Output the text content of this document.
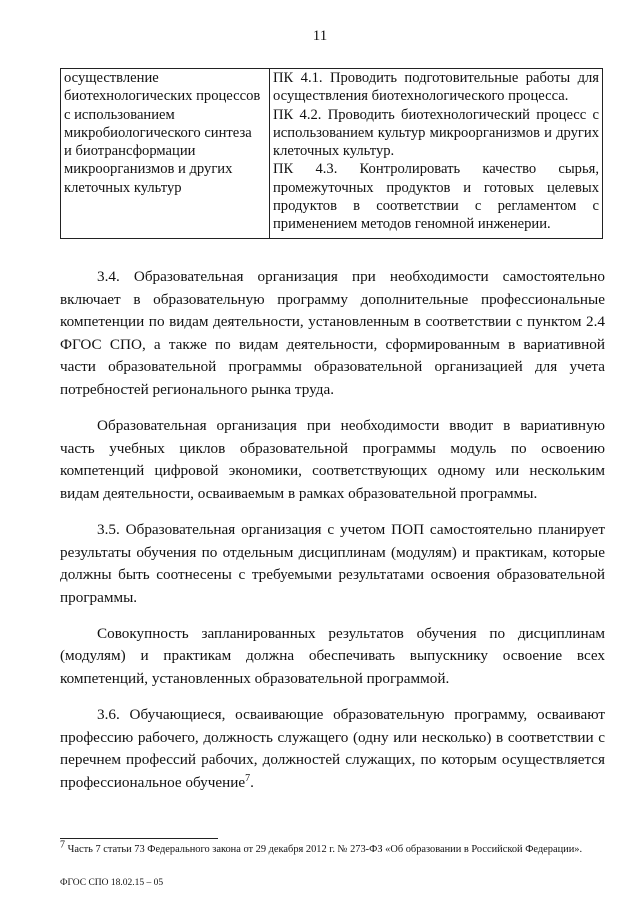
11
осуществление
биотехнологических процессов
с использованием
микробиологического синтеза
и биотрансформации
микроорганизмов и других
клеточных культур

ПК 4.1. Проводить подготовительные работы для осуществления биотехнологического процесса.
ПК 4.2. Проводить биотехнологический процесс с использованием культур микроорганизмов и других клеточных культур.
ПК 4.3. Контролировать качество сырья, промежуточных продуктов и готовых целевых продуктов в соответствии с регламентом с применением методов геномной инженерии.

3.4. Образовательная организация при необходимости самостоятельно включает в образовательную программу дополнительные профессиональные компетенции по видам деятельности, установленным в соответствии с пунктом 2.4 ФГОС СПО, а также по видам деятельности, сформированным в вариативной части образовательной программы образовательной организацией для учета потребностей регионального рынка труда.

Образовательная организация при необходимости вводит в вариативную часть учебных циклов образовательной программы модуль по освоению компетенций цифровой экономики, соответствующих одному или нескольким видам деятельности, осваиваемым в рамках образовательной программы.

3.5. Образовательная организация с учетом ПОП самостоятельно планирует результаты обучения по отдельным дисциплинам (модулям) и практикам, которые должны быть соотнесены с требуемыми результатами освоения образовательной программы.

Совокупность запланированных результатов обучения по дисциплинам (модулям) и практикам должна обеспечивать выпускнику освоение всех компетенций, установленных образовательной программой.

3.6. Обучающиеся, осваивающие образовательную программу, осваивают профессию рабочего, должность служащего (одну или несколько) в соответствии с перечнем профессий рабочих, должностей служащих, по которым осуществляется профессиональное обучение$^7$.

$^7$ Часть 7 статьи 73 Федерального закона от 29 декабря 2012 г. № 273-ФЗ «Об образовании в Российской Федерации».
ФГОС СПО 18.02.15 – 05
